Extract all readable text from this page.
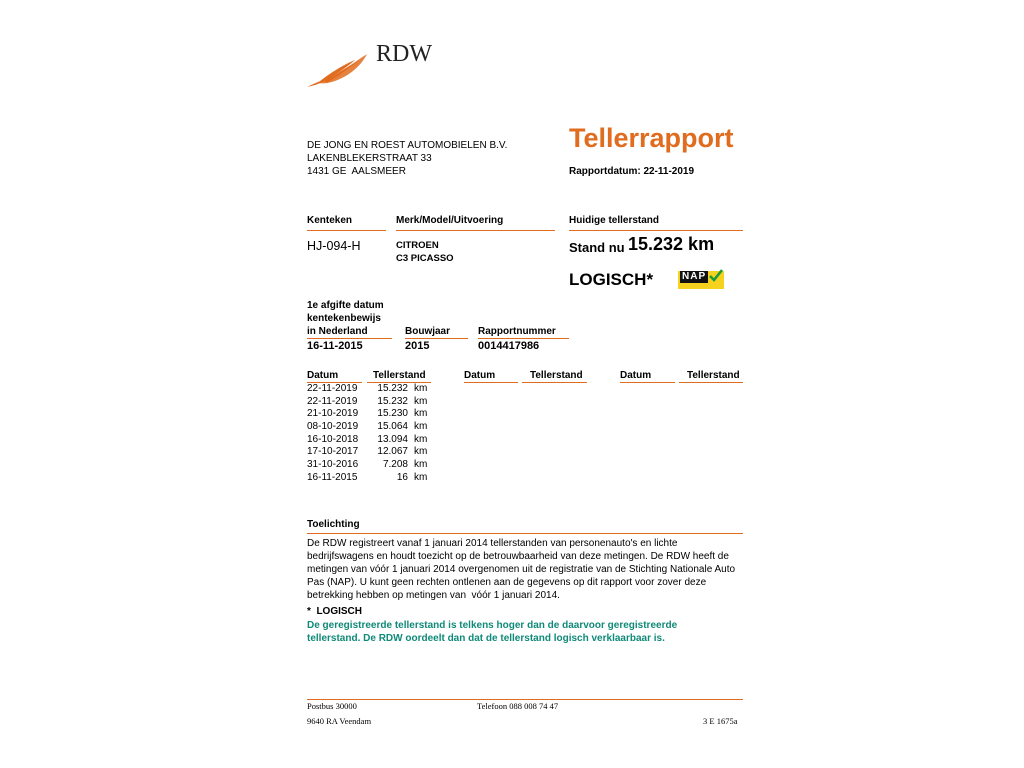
RDW
DE JONG EN ROEST AUTOMOBIELEN B.V.
LAKENBLEKERSTRAAT 33
1431 GE  AALSMEER
Tellerrapport
Rapportdatum: 22-11-2019
Kenteken	Merk/Model/Uitvoering	Huidige tellerstand
HJ-094-H	CITROEN
C3 PICASSO
Stand nu 15.232 km
LOGISCH*	NAP
1e afgifte datum
kentekenbewijs
in Nederland	Bouwjaar	Rapportnummer
16-11-2015	2015	0014417986
Datum	Tellerstand	Datum	Tellerstand	Datum	Tellerstand
22-11-2019 15.232 km
22-11-2019 15.232 km
21-10-2019 15.230 km
08-10-2019 15.064 km
16-10-2018 13.094 km
17-10-2017 12.067 km
31-10-2016 7.208 km
16-11-2015	16 km
Toelichting
De RDW registreert vanaf 1 januari 2014 tellerstanden van personenauto's en lichte
bedrijfswagens en houdt toezicht op de betrouwbaarheid van deze metingen. De RDW heeft de
metingen van vóór 1 januari 2014 overgenomen uit de registratie van de Stichting Nationale Auto
Pas (NAP). U kunt geen rechten ontlenen aan de gegevens op dit rapport voor zover deze
betrekking hebben op metingen van  vóór 1 januari 2014.
*  LOGISCH
De geregistreerde tellerstand is telkens hoger dan de daarvoor geregistreerde
tellerstand. De RDW oordeelt dan dat de tellerstand logisch verklaarbaar is.
Postbus 30000
9640 RA Veendam
Telefoon 088 008 74 47
3 E 1675a
